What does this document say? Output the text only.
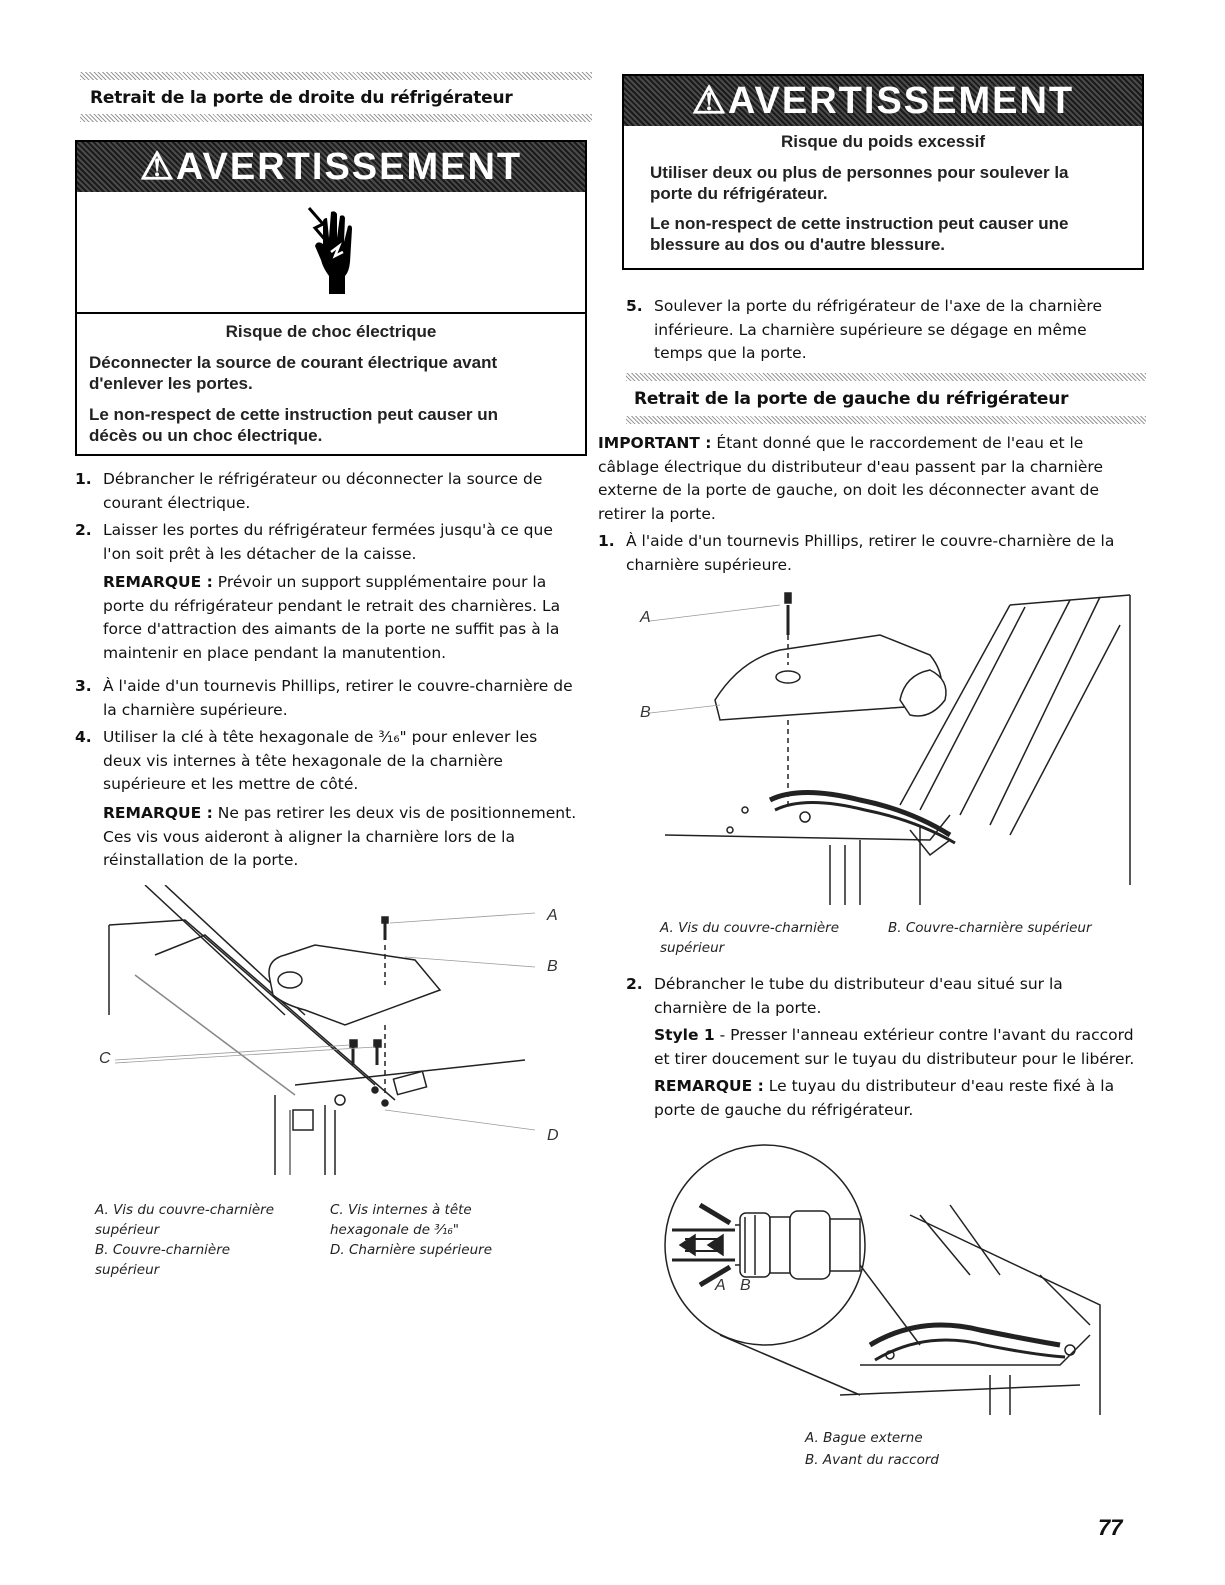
Retrait de la porte de droite du réfrigérateur
⚠AVERTISSEMENT
Risque de choc électrique
Déconnecter la source de courant électrique avant d'enlever les portes.
Le non-respect de cette instruction peut causer un décès ou un choc électrique.
1. Débrancher le réfrigérateur ou déconnecter la source de courant électrique.
2. Laisser les portes du réfrigérateur fermées jusqu'à ce que l'on soit prêt à les détacher de la caisse.
REMARQUE : Prévoir un support supplémentaire pour la porte du réfrigérateur pendant le retrait des charnières. La force d'attraction des aimants de la porte ne suffit pas à la maintenir en place pendant la manutention.
3. À l'aide d'un tournevis Phillips, retirer le couvre-charnière de la charnière supérieure.
4. Utiliser la clé à tête hexagonale de ³⁄₁₆" pour enlever les deux vis internes à tête hexagonale de la charnière supérieure et les mettre de côté.
REMARQUE : Ne pas retirer les deux vis de positionnement. Ces vis vous aideront à aligner la charnière lors de la réinstallation de la porte.
A
B
C
D
A. Vis du couvre-charnière supérieur
B. Couvre-charnière supérieur
C. Vis internes à tête hexagonale de ³⁄₁₆"
D. Charnière supérieure
⚠AVERTISSEMENT
Risque du poids excessif
Utiliser deux ou plus de personnes pour soulever la porte du réfrigérateur.
Le non-respect de cette instruction peut causer une blessure au dos ou d'autre blessure.
5. Soulever la porte du réfrigérateur de l'axe de la charnière inférieure. La charnière supérieure se dégage en même temps que la porte.
Retrait de la porte de gauche du réfrigérateur
IMPORTANT : Étant donné que le raccordement de l'eau et le câblage électrique du distributeur d'eau passent par la charnière externe de la porte de gauche, on doit les déconnecter avant de retirer la porte.
1. À l'aide d'un tournevis Phillips, retirer le couvre-charnière de la charnière supérieure.
A
B
A. Vis du couvre-charnière supérieur
B. Couvre-charnière supérieur
2. Débrancher le tube du distributeur d'eau situé sur la charnière de la porte.
Style 1 - Presser l'anneau extérieur contre l'avant du raccord et tirer doucement sur le tuyau du distributeur pour le libérer.
REMARQUE : Le tuyau du distributeur d'eau reste fixé à la porte de gauche du réfrigérateur.
A B
A. Bague externe
B. Avant du raccord
77
